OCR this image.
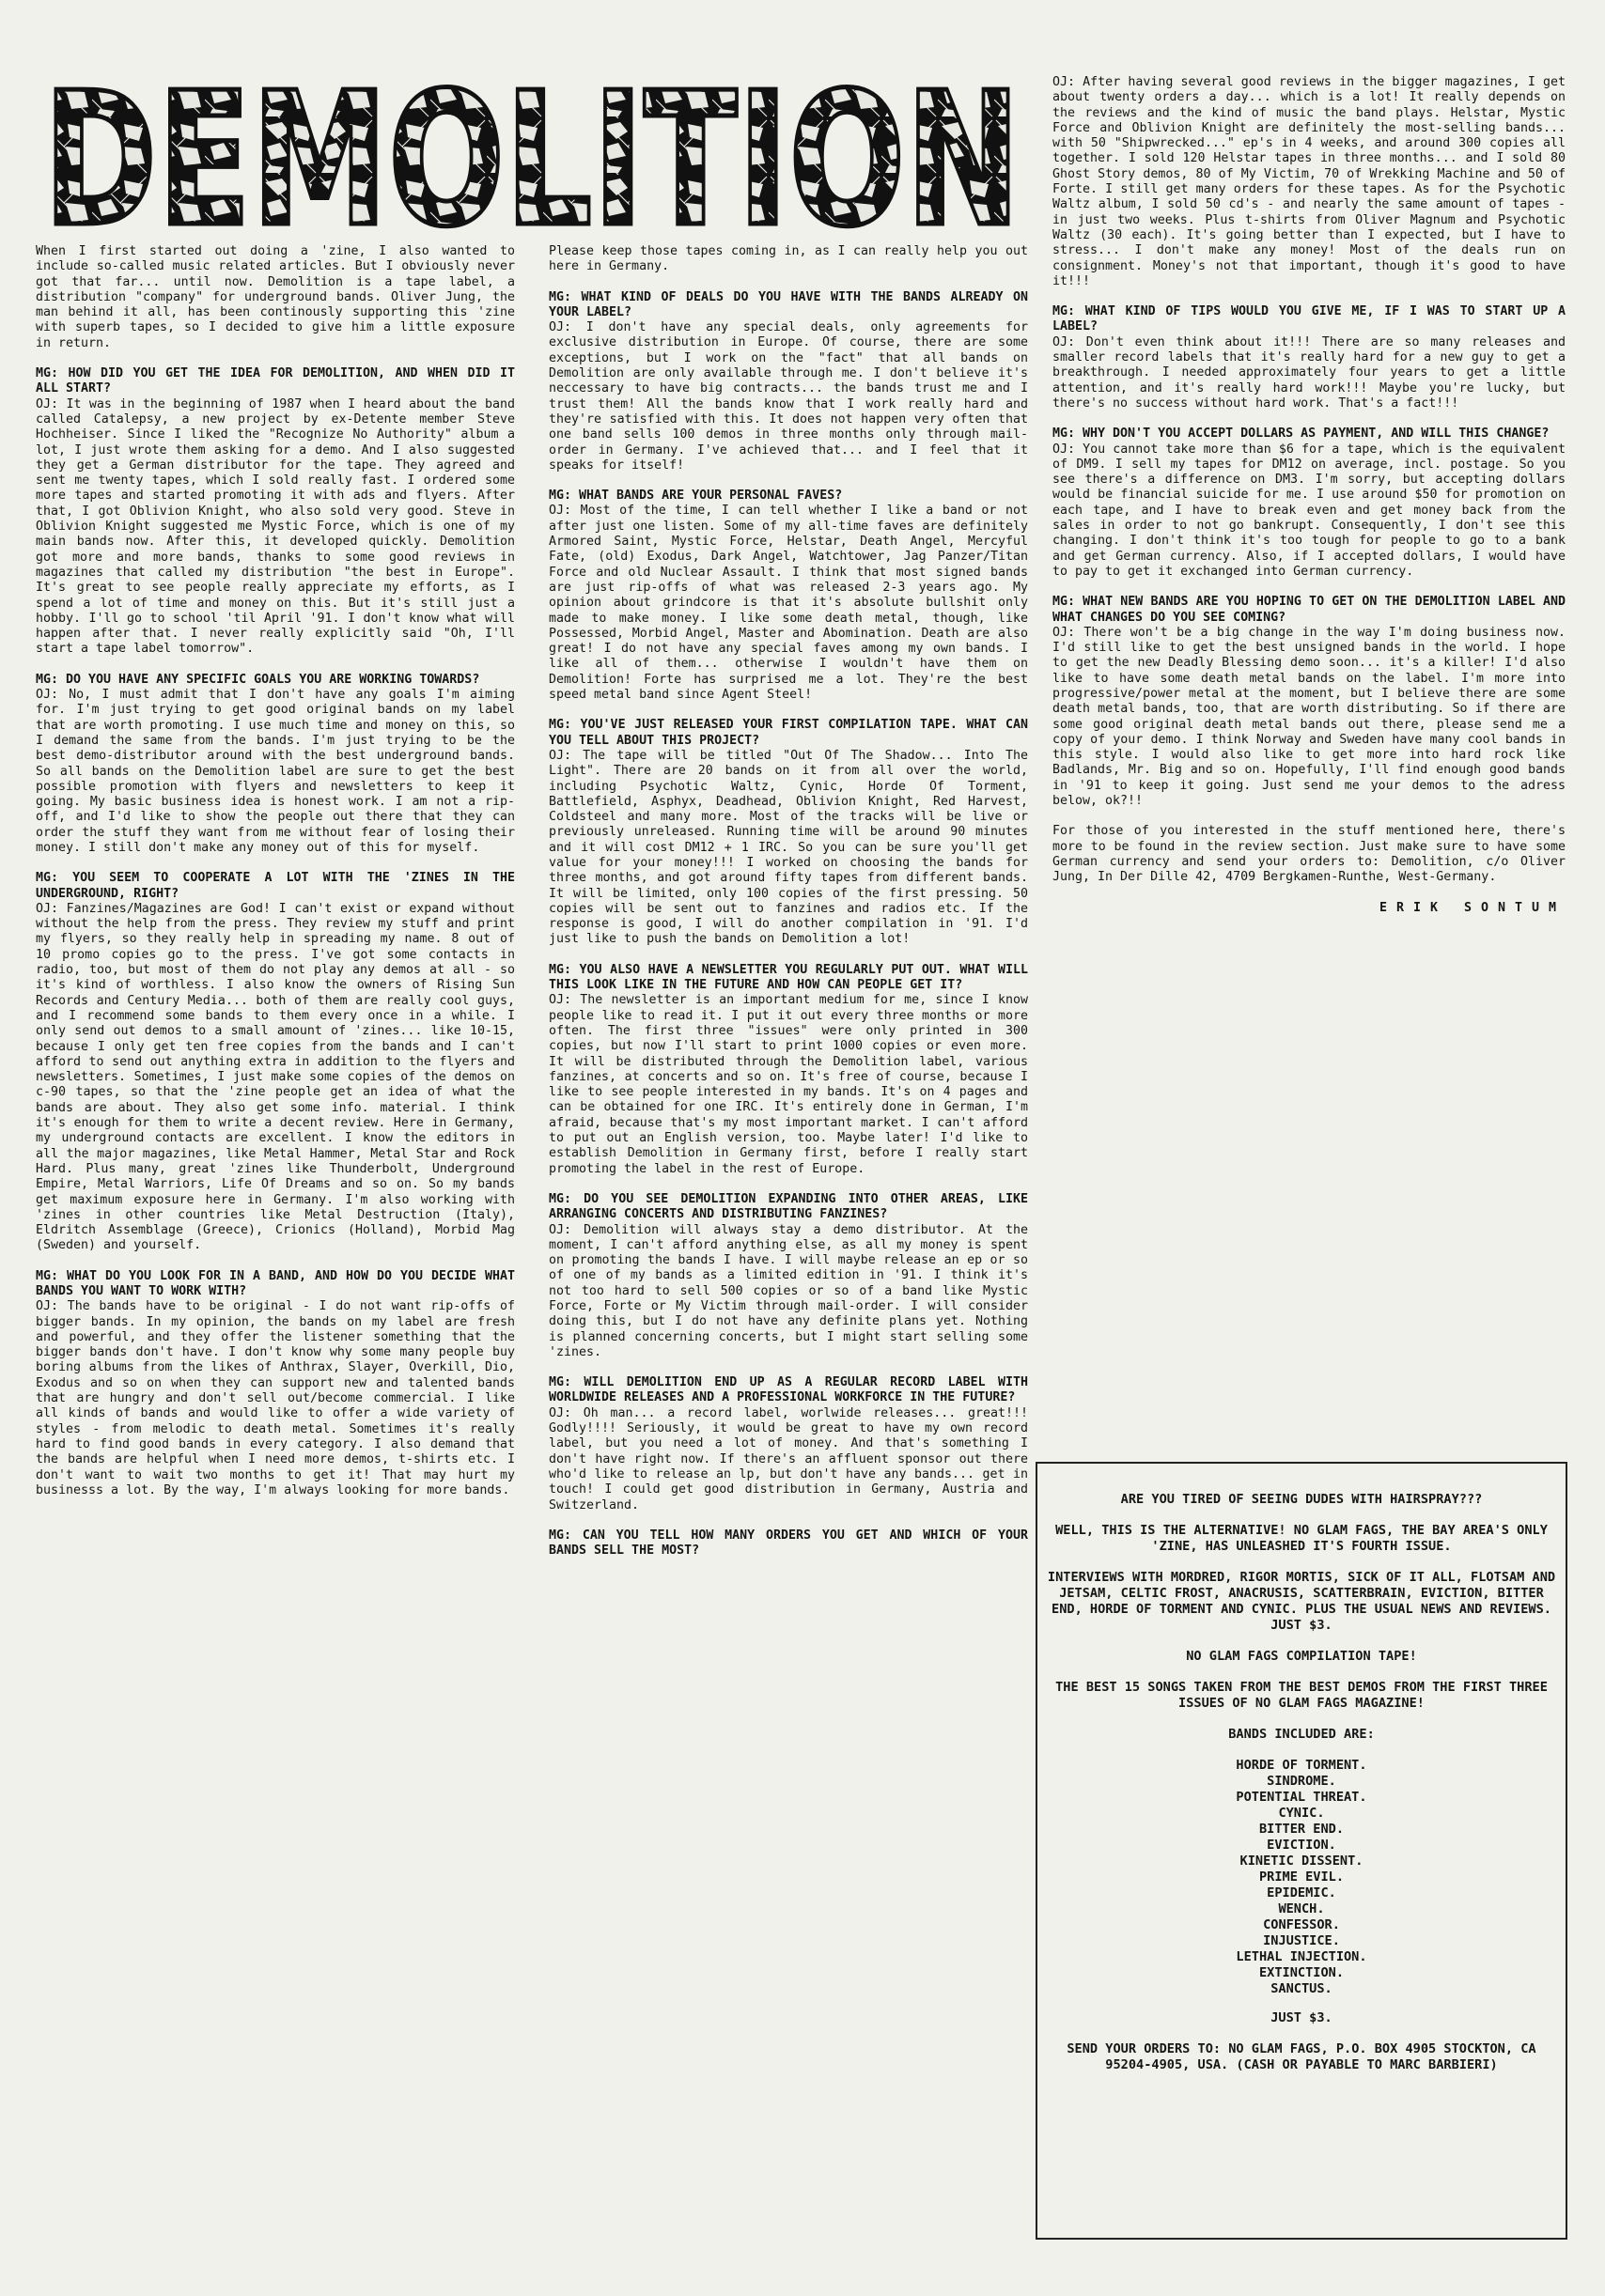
DEMOLITION

When I first started out doing a 'zine, I also wanted to include so-called music related articles. But I obviously never got that far... until now. Demolition is a tape label, a distribution "company" for underground bands. Oliver Jung, the man behind it all, has been continously supporting this 'zine with superb tapes, so I decided to give him a little exposure in return.

MG: HOW DID YOU GET THE IDEA FOR DEMOLITION, AND WHEN DID IT ALL START?
OJ: It was in the beginning of 1987 when I heard about the band called Catalepsy, a new project by ex-Detente member Steve Hochheiser. Since I liked the "Recognize No Authority" album a lot, I just wrote them asking for a demo. And I also suggested they get a German distributor for the tape. They agreed and sent me twenty tapes, which I sold really fast. I ordered some more tapes and started promoting it with ads and flyers. After that, I got Oblivion Knight, who also sold very good. Steve in Oblivion Knight suggested me Mystic Force, which is one of my main bands now. After this, it developed quickly. Demolition got more and more bands, thanks to some good reviews in magazines that called my distribution "the best in Europe". It's great to see people really appreciate my efforts, as I spend a lot of time and money on this. But it's still just a hobby. I'll go to school 'til April '91. I don't know what will happen after that. I never really explicitly said "Oh, I'll start a tape label tomorrow".

MG: DO YOU HAVE ANY SPECIFIC GOALS YOU ARE WORKING TOWARDS?
OJ: No, I must admit that I don't have any goals I'm aiming for. I'm just trying to get good original bands on my label that are worth promoting. I use much time and money on this, so I demand the same from the bands. I'm just trying to be the best demo-distributor around with the best underground bands. So all bands on the Demolition label are sure to get the best possible promotion with flyers and newsletters to keep it going. My basic business idea is honest work. I am not a rip-off, and I'd like to show the people out there that they can order the stuff they want from me without fear of losing their money. I still don't make any money out of this for myself.

MG: YOU SEEM TO COOPERATE A LOT WITH THE 'ZINES IN THE UNDERGROUND, RIGHT?
OJ: Fanzines/Magazines are God! I can't exist or expand without without the help from the press. They review my stuff and print my flyers, so they really help in spreading my name. 8 out of 10 promo copies go to the press. I've got some contacts in radio, too, but most of them do not play any demos at all - so it's kind of worthless. I also know the owners of Rising Sun Records and Century Media... both of them are really cool guys, and I recommend some bands to them every once in a while. I only send out demos to a small amount of 'zines... like 10-15, because I only get ten free copies from the bands and I can't afford to send out anything extra in addition to the flyers and newsletters. Sometimes, I just make some copies of the demos on c-90 tapes, so that the 'zine people get an idea of what the bands are about. They also get some info. material. I think it's enough for them to write a decent review. Here in Germany, my underground contacts are excellent. I know the editors in all the major magazines, like Metal Hammer, Metal Star and Rock Hard. Plus many, great 'zines like Thunderbolt, Underground Empire, Metal Warriors, Life Of Dreams and so on. So my bands get maximum exposure here in Germany. I'm also working with 'zines in other countries like Metal Destruction (Italy), Eldritch Assemblage (Greece), Crionics (Holland), Morbid Mag (Sweden) and yourself.

MG: WHAT DO YOU LOOK FOR IN A BAND, AND HOW DO YOU DECIDE WHAT BANDS YOU WANT TO WORK WITH?
OJ: The bands have to be original - I do not want rip-offs of bigger bands. In my opinion, the bands on my label are fresh and powerful, and they offer the listener something that the bigger bands don't have. I don't know why some many people buy boring albums from the likes of Anthrax, Slayer, Overkill, Dio, Exodus and so on when they can support new and talented bands that are hungry and don't sell out/become commercial. I like all kinds of bands and would like to offer a wide variety of styles - from melodic to death metal. Sometimes it's really hard to find good bands in every category. I also demand that the bands are helpful when I need more demos, t-shirts etc. I don't want to wait two months to get it! That may hurt my businesss a lot. By the way, I'm always looking for more bands.

Please keep those tapes coming in, as I can really help you out here in Germany.

MG: WHAT KIND OF DEALS DO YOU HAVE WITH THE BANDS ALREADY ON YOUR LABEL?
OJ: I don't have any special deals, only agreements for exclusive distribution in Europe. Of course, there are some exceptions, but I work on the "fact" that all bands on Demolition are only available through me. I don't believe it's neccessary to have big contracts... the bands trust me and I trust them! All the bands know that I work really hard and they're satisfied with this. It does not happen very often that one band sells 100 demos in three months only through mail-order in Germany. I've achieved that... and I feel that it speaks for itself!

MG: WHAT BANDS ARE YOUR PERSONAL FAVES?
OJ: Most of the time, I can tell whether I like a band or not after just one listen. Some of my all-time faves are definitely Armored Saint, Mystic Force, Helstar, Death Angel, Mercyful Fate, (old) Exodus, Dark Angel, Watchtower, Jag Panzer/Titan Force and old Nuclear Assault. I think that most signed bands are just rip-offs of what was released 2-3 years ago. My opinion about grindcore is that it's absolute bullshit only made to make money. I like some death metal, though, like Possessed, Morbid Angel, Master and Abomination. Death are also great! I do not have any special faves among my own bands. I like all of them... otherwise I wouldn't have them on Demolition! Forte has surprised me a lot. They're the best speed metal band since Agent Steel!

MG: YOU'VE JUST RELEASED YOUR FIRST COMPILATION TAPE. WHAT CAN YOU TELL ABOUT THIS PROJECT?
OJ: The tape will be titled "Out Of The Shadow... Into The Light". There are 20 bands on it from all over the world, including Psychotic Waltz, Cynic, Horde Of Torment, Battlefield, Asphyx, Deadhead, Oblivion Knight, Red Harvest, Coldsteel and many more. Most of the tracks will be live or previously unreleased. Running time will be around 90 minutes and it will cost DM12 + 1 IRC. So you can be sure you'll get value for your money!!! I worked on choosing the bands for three months, and got around fifty tapes from different bands. It will be limited, only 100 copies of the first pressing. 50 copies will be sent out to fanzines and radios etc. If the response is good, I will do another compilation in '91. I'd just like to push the bands on Demolition a lot!

MG: YOU ALSO HAVE A NEWSLETTER YOU REGULARLY PUT OUT. WHAT WILL THIS LOOK LIKE IN THE FUTURE AND HOW CAN PEOPLE GET IT?
OJ: The newsletter is an important medium for me, since I know people like to read it. I put it out every three months or more often. The first three "issues" were only printed in 300 copies, but now I'll start to print 1000 copies or even more. It will be distributed through the Demolition label, various fanzines, at concerts and so on. It's free of course, because I like to see people interested in my bands. It's on 4 pages and can be obtained for one IRC. It's entirely done in German, I'm afraid, because that's my most important market. I can't afford to put out an English version, too. Maybe later! I'd like to establish Demolition in Germany first, before I really start promoting the label in the rest of Europe.

MG: DO YOU SEE DEMOLITION EXPANDING INTO OTHER AREAS, LIKE ARRANGING CONCERTS AND DISTRIBUTING FANZINES?
OJ: Demolition will always stay a demo distributor. At the moment, I can't afford anything else, as all my money is spent on promoting the bands I have. I will maybe release an ep or so of one of my bands as a limited edition in '91. I think it's not too hard to sell 500 copies or so of a band like Mystic Force, Forte or My Victim through mail-order. I will consider doing this, but I do not have any definite plans yet. Nothing is planned concerning concerts, but I might start selling some 'zines.

MG: WILL DEMOLITION END UP AS A REGULAR RECORD LABEL WITH WORLDWIDE RELEASES AND A PROFESSIONAL WORKFORCE IN THE FUTURE?
OJ: Oh man... a record label, worlwide releases... great!!! Godly!!!! Seriously, it would be great to have my own record label, but you need a lot of money. And that's something I don't have right now. If there's an affluent sponsor out there who'd like to release an lp, but don't have any bands... get in touch! I could get good distribution in Germany, Austria and Switzerland.

MG: CAN YOU TELL HOW MANY ORDERS YOU GET AND WHICH OF YOUR BANDS SELL THE MOST?

OJ: After having several good reviews in the bigger magazines, I get about twenty orders a day... which is a lot! It really depends on the reviews and the kind of music the band plays. Helstar, Mystic Force and Oblivion Knight are definitely the most-selling bands... with 50 "Shipwrecked..." ep's in 4 weeks, and around 300 copies all together. I sold 120 Helstar tapes in three months... and I sold 80 Ghost Story demos, 80 of My Victim, 70 of Wrekking Machine and 50 of Forte. I still get many orders for these tapes. As for the Psychotic Waltz album, I sold 50 cd's - and nearly the same amount of tapes - in just two weeks. Plus t-shirts from Oliver Magnum and Psychotic Waltz (30 each). It's going better than I expected, but I have to stress... I don't make any money! Most of the deals run on consignment. Money's not that important, though it's good to have it!!!

MG: WHAT KIND OF TIPS WOULD YOU GIVE ME, IF I WAS TO START UP A LABEL?
OJ: Don't even think about it!!! There are so many releases and smaller record labels that it's really hard for a new guy to get a breakthrough. I needed approximately four years to get a little attention, and it's really hard work!!! Maybe you're lucky, but there's no success without hard work. That's a fact!!!

MG: WHY DON'T YOU ACCEPT DOLLARS AS PAYMENT, AND WILL THIS CHANGE?
OJ: You cannot take more than $6 for a tape, which is the equivalent of DM9. I sell my tapes for DM12 on average, incl. postage. So you see there's a difference on DM3. I'm sorry, but accepting dollars would be financial suicide for me. I use around $50 for promotion on each tape, and I have to break even and get money back from the sales in order to not go bankrupt. Consequently, I don't see this changing. I don't think it's too tough for people to go to a bank and get German currency. Also, if I accepted dollars, I would have to pay to get it exchanged into German currency.

MG: WHAT NEW BANDS ARE YOU HOPING TO GET ON THE DEMOLITION LABEL AND WHAT CHANGES DO YOU SEE COMING?
OJ: There won't be a big change in the way I'm doing business now. I'd still like to get the best unsigned bands in the world. I hope to get the new Deadly Blessing demo soon... it's a killer! I'd also like to have some death metal bands on the label. I'm more into progressive/power metal at the moment, but I believe there are some death metal bands, too, that are worth distributing. So if there are some good original death metal bands out there, please send me a copy of your demo. I think Norway and Sweden have many cool bands in this style. I would also like to get more into hard rock like Badlands, Mr. Big and so on. Hopefully, I'll find enough good bands in '91 to keep it going. Just send me your demos to the adress below, ok?!!

For those of you interested in the stuff mentioned here, there's more to be found in the review section. Just make sure to have some German currency and send your orders to: Demolition, c/o Oliver Jung, In Der Dille 42, 4709 Bergkamen-Runthe, West-Germany.

ERIK SONTUM

ARE YOU TIRED OF SEEING DUDES WITH HAIRSPRAY???

WELL, THIS IS THE ALTERNATIVE! NO GLAM FAGS, THE BAY AREA'S ONLY 'ZINE, HAS UNLEASHED IT'S FOURTH ISSUE.

INTERVIEWS WITH MORDRED, RIGOR MORTIS, SICK OF IT ALL, FLOTSAM AND JETSAM, CELTIC FROST, ANACRUSIS, SCATTERBRAIN, EVICTION, BITTER END, HORDE OF TORMENT AND CYNIC. PLUS THE USUAL NEWS AND REVIEWS. JUST $3.

NO GLAM FAGS COMPILATION TAPE!

THE BEST 15 SONGS TAKEN FROM THE BEST DEMOS FROM THE FIRST THREE ISSUES OF NO GLAM FAGS MAGAZINE!

BANDS INCLUDED ARE:

HORDE OF TORMENT.
SINDROME.
POTENTIAL THREAT.
CYNIC.
BITTER END.
EVICTION.
KINETIC DISSENT.
PRIME EVIL.
EPIDEMIC.
WENCH.
CONFESSOR.
INJUSTICE.
LETHAL INJECTION.
EXTINCTION.
SANCTUS.

JUST $3.

SEND YOUR ORDERS TO: NO GLAM FAGS, P.O. BOX 4905 STOCKTON, CA 95204-4905, USA. (CASH OR PAYABLE TO MARC BARBIERI)
